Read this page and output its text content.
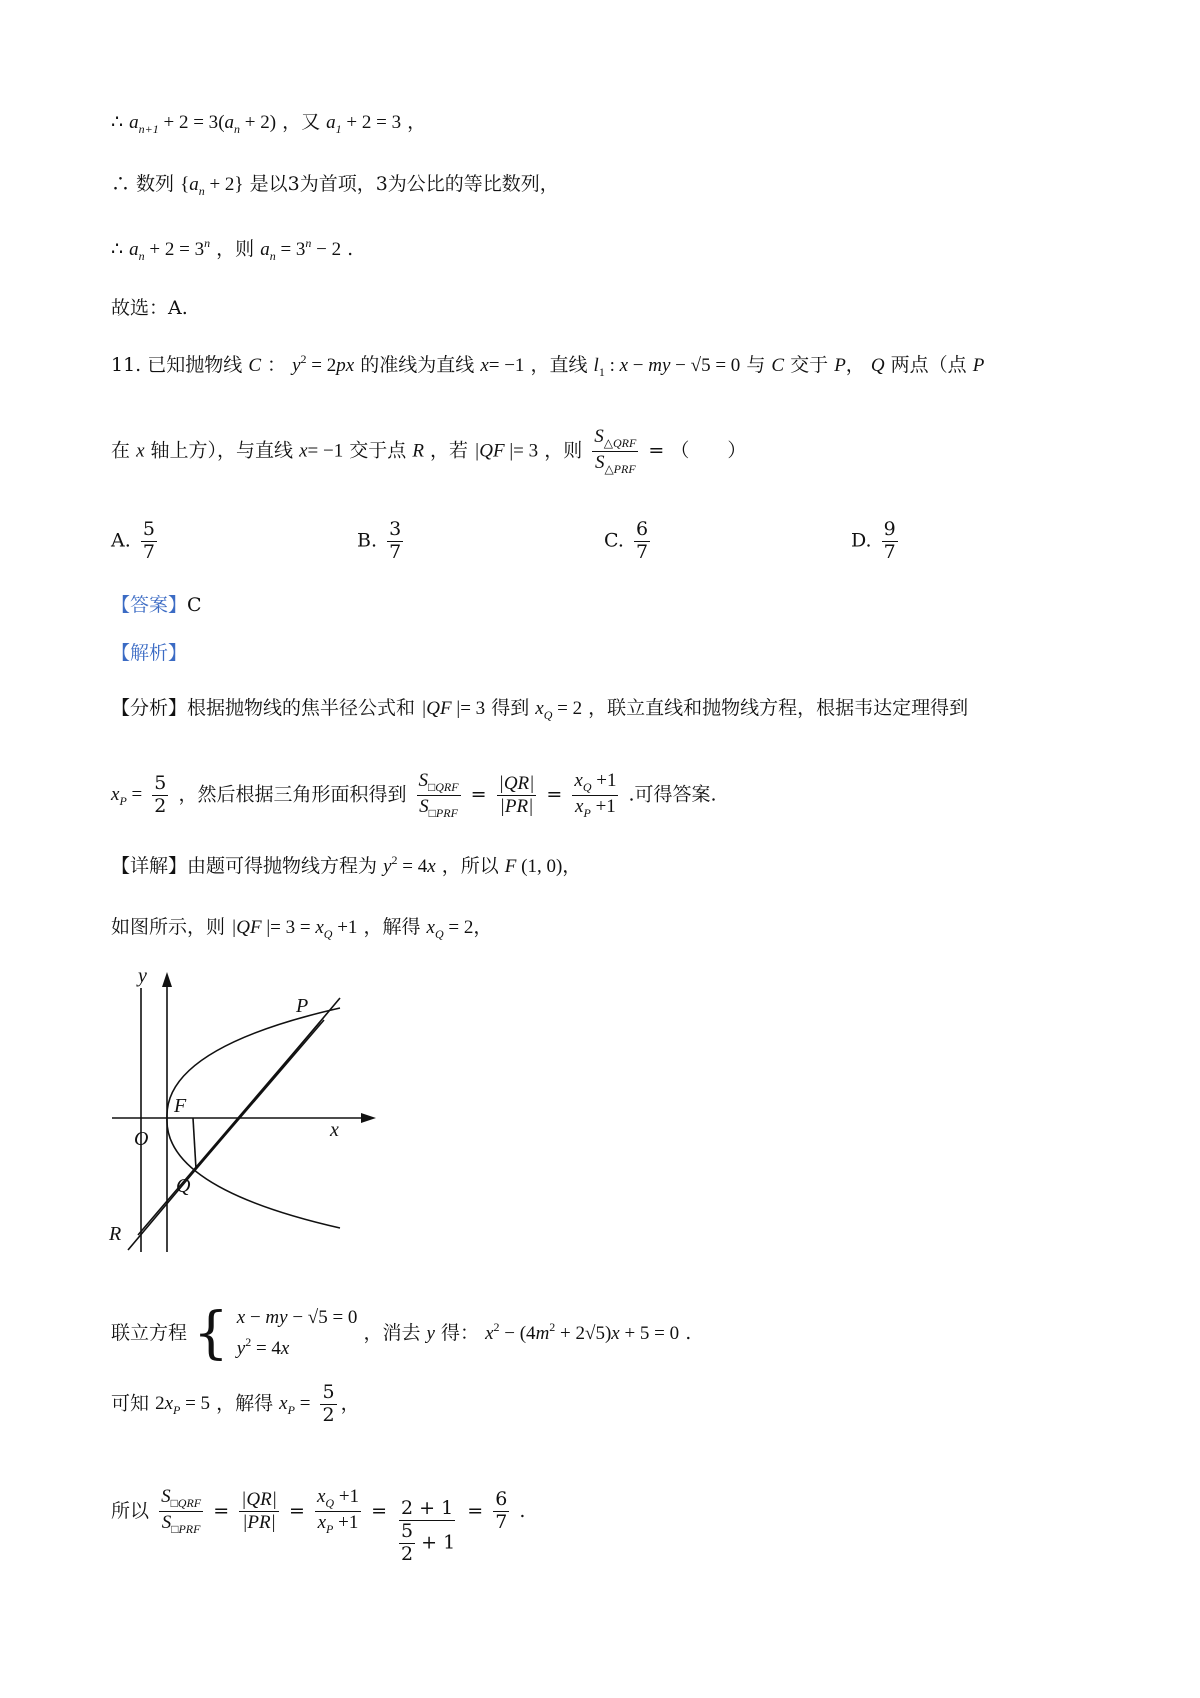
∴ $a_{n+1} + 2 = 3(a_n + 2)$ ，又 $a_1 + 2 = 3$ ，
∴ 数列 $\{a_n + 2\}$ 是以3为首项，3为公比的等比数列，
∴ $a_n + 2 = 3^n$ ，则 $a_n = 3^n - 2$ .
故选：A.
11. 已知抛物线 C ： $y^2 = 2px$ 的准线为直线 x= −1 ，直线 $l_1$ : x − my − √5 = 0 与 C 交于 P， Q 两点（点 P
在 x 轴上方），与直线 x= −1 交于点 R ，若 |QF |= 3 ，则 $\frac{S_{\triangle QRF}}{S_{\triangle PRF}}$ = （　　）
A. $\frac{5}{7}$	B. $\frac{3}{7}$	C. $\frac{6}{7}$	D. $\frac{9}{7}$
【答案】C
【解析】
【分析】根据抛物线的焦半径公式和 |QF |= 3 得到 $x_Q = 2$ ，联立直线和抛物线方程，根据韦达定理得到
$x_P = \frac{5}{2}$ ，然后根据三角形面积得到 $\frac{S_{□QRF}}{S_{□PRF}} = \frac{|QR|}{|PR|} = \frac{x_Q +1}{x_P +1}$ .可得答案.
【详解】由题可得抛物线方程为 $y^2 = 4x$ ，所以 F (1, 0)，
如图所示，则 |QF |= $3 = x_Q +1$ ，解得 $x_Q = 2$，
y
x
O
F
P
Q
R
联立方程 { x − my − √5 = 0
$y^2 = 4x$
，消去 y 得： $x^2 - (4m^2 + 2√5)x + 5 = 0$ .
可知 $2x_P = 5$ ，解得 $x_P = \frac{5}{2}$ ，
所以 $\frac{S_{□QRF}}{S_{□PRF}} = \frac{|QR|}{|PR|} = \frac{x_Q +1}{x_P +1} = \frac{2 + 1}{\frac{5}{2} + 1} = \frac{6}{7}$ .
